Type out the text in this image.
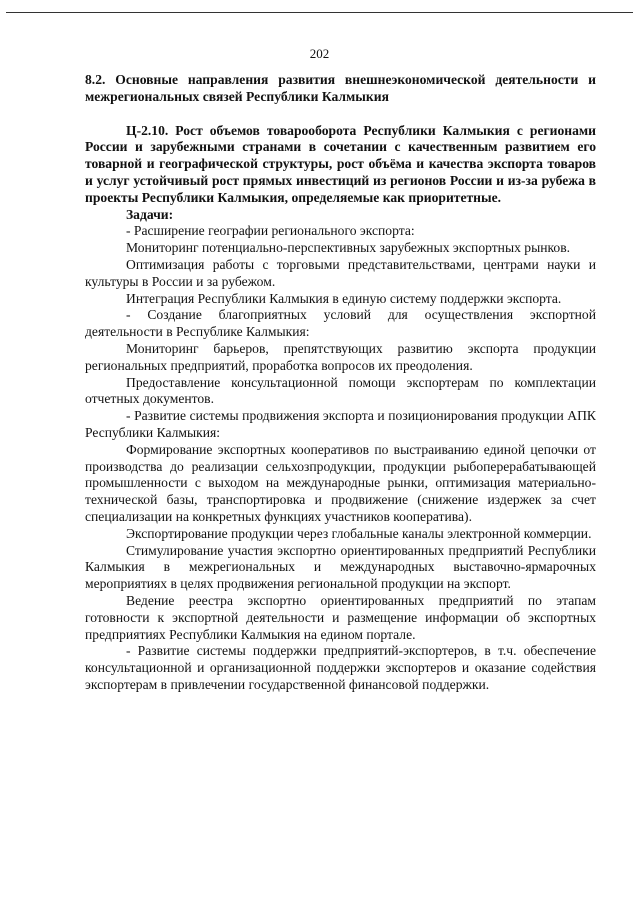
202

8.2. Основные направления развития внешнеэкономической деятельности и межрегиональных связей Республики Калмыкия

Ц-2.10. Рост объемов товарооборота Республики Калмыкия с регионами России и зарубежными странами в сочетании с качественным развитием его товарной и географической структуры, рост объёма и качества экспорта товаров и услуг устойчивый рост прямых инвестиций из регионов России и из-за рубежа в проекты Республики Калмыкия, определяемые как приоритетные.

Задачи:

- Расширение географии регионального экспорта:

Мониторинг потенциально-перспективных зарубежных экспортных рынков.

Оптимизация работы с торговыми представительствами, центрами науки и культуры в России и за рубежом.

Интеграция Республики Калмыкия в единую систему поддержки экспорта.

- Создание благоприятных условий для осуществления экспортной деятельности в Республике Калмыкия:

Мониторинг барьеров, препятствующих развитию экспорта продукции региональных предприятий, проработка вопросов их преодоления.

Предоставление консультационной помощи экспортерам по комплектации отчетных документов.

- Развитие системы продвижения экспорта и позиционирования продукции АПК Республики Калмыкия:

Формирование экспортных кооперативов по выстраиванию единой цепочки от производства до реализации сельхозпродукции, продукции рыбоперерабатывающей промышленности с выходом на международные рынки, оптимизация материально-технической базы, транспортировка и продвижение (снижение издержек за счет специализации на конкретных функциях участников кооператива).

Экспортирование продукции через глобальные каналы электронной коммерции.

Стимулирование участия экспортно ориентированных предприятий Республики Калмыкия в межрегиональных и международных выставочно-ярмарочных мероприятиях в целях продвижения региональной продукции на экспорт.

Ведение реестра экспортно ориентированных предприятий по этапам готовности к экспортной деятельности и размещение информации об экспортных предприятиях Республики Калмыкия на едином портале.

- Развитие системы поддержки предприятий-экспортеров, в т.ч. обеспечение консультационной и организационной поддержки экспортеров и оказание содействия экспортерам в привлечении государственной финансовой поддержки.
